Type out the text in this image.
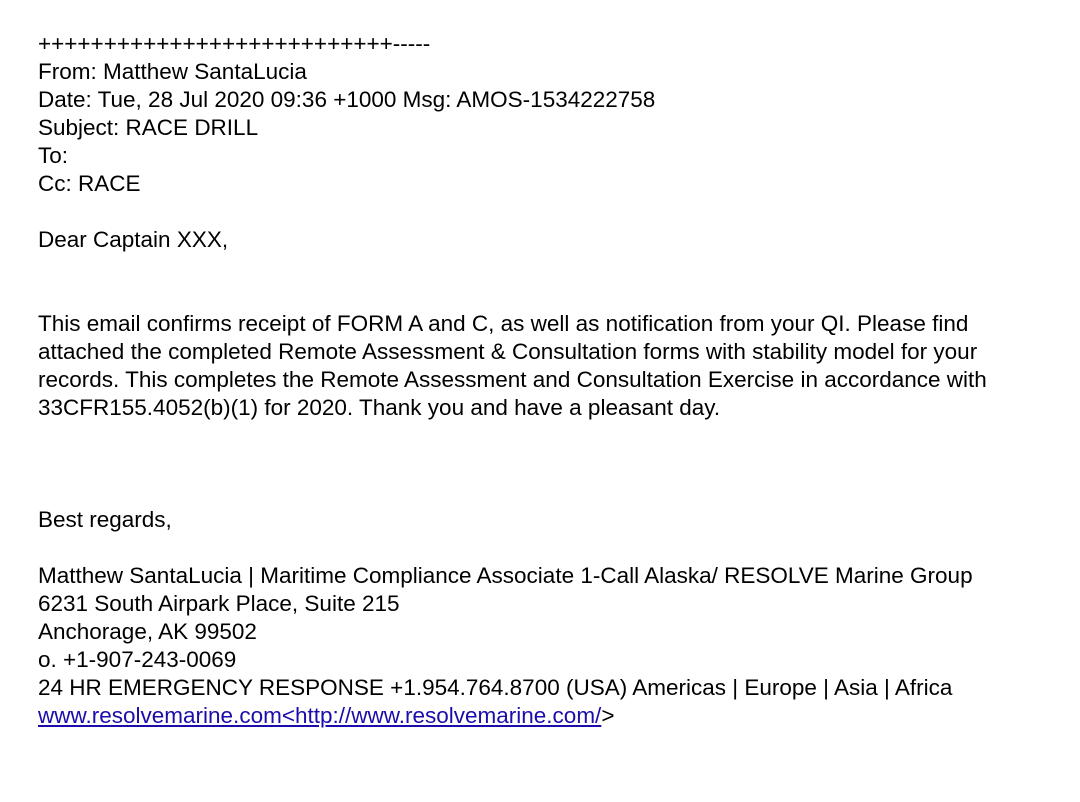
+++++++++++++++++++++++++++-----
From: Matthew SantaLucia
Date: Tue, 28 Jul 2020 09:36 +1000 Msg: AMOS-1534222758
Subject: RACE DRILL
To:
Cc: RACE
Dear Captain XXX,
This email confirms receipt of FORM A and C, as well as notification from your QI. Please find
attached the completed Remote Assessment & Consultation forms with stability model for your
records. This completes the Remote Assessment and Consultation Exercise in accordance with
33CFR155.4052(b)(1) for 2020. Thank you and have a pleasant day.
Best regards,
Matthew SantaLucia | Maritime Compliance Associate 1-Call Alaska/ RESOLVE Marine Group
6231 South Airpark Place, Suite 215
Anchorage, AK 99502
o. +1-907-243-0069
24 HR EMERGENCY RESPONSE +1.954.764.8700 (USA) Americas | Europe | Asia | Africa
www.resolvemarine.com<http://www.resolvemarine.com/>
